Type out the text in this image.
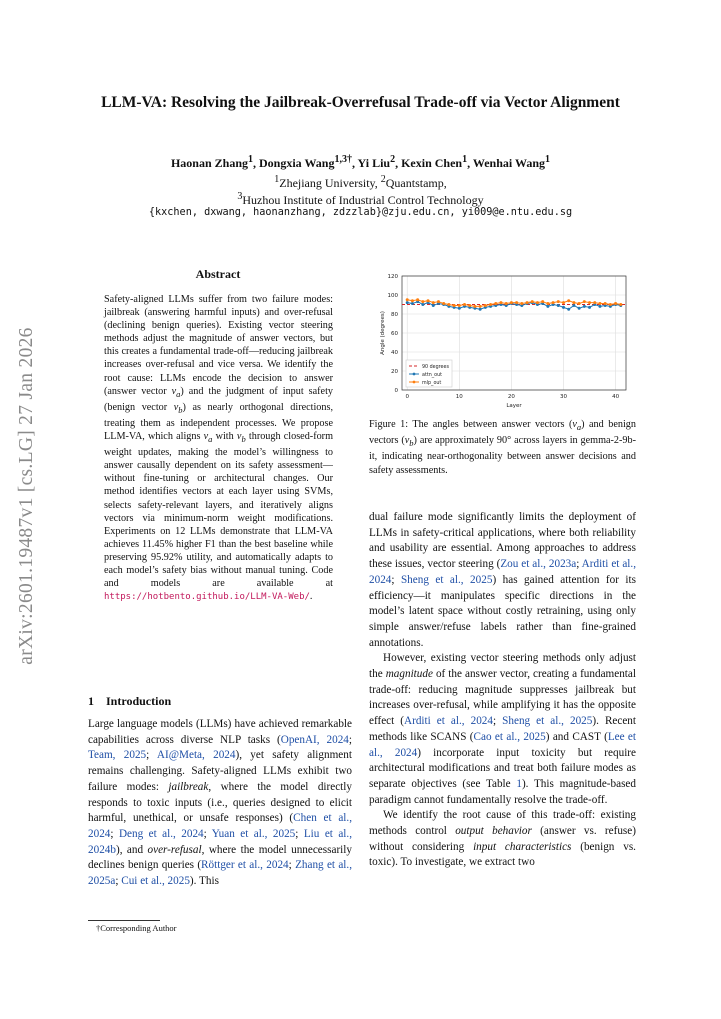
LLM-VA: Resolving the Jailbreak-Overrefusal Trade-off via Vector Alignment
Haonan Zhang$^1$, Dongxia Wang$^{1,3\dagger}$, Yi Liu$^2$, Kexin Chen$^1$, Wenhai Wang$^1$
$^1$Zhejiang University, $^2$Quantstamp,
$^3$Huzhou Institute of Industrial Control Technology
{kxchen, dxwang, haonanzhang, zdzzlab}@zju.edu.cn, yi009@e.ntu.edu.sg
arXiv:2601.19487v1 [cs.LG] 27 Jan 2026
Abstract
Safety-aligned LLMs suffer from two failure modes: jailbreak (answering harmful inputs) and over-refusal (declining benign queries). Existing vector steering methods adjust the magnitude of answer vectors, but this creates a fundamental trade-off—reducing jailbreak increases over-refusal and vice versa. We identify the root cause: LLMs encode the decision to answer (answer vector $v_a$) and the judgment of input safety (benign vector $v_b$) as nearly orthogonal directions, treating them as independent processes. We propose LLM-VA, which aligns $v_a$ with $v_b$ through closed-form weight updates, making the model’s willingness to answer causally dependent on its safety assessment—without fine-tuning or architectural changes. Our method identifies vectors at each layer using SVMs, selects safety-relevant layers, and iteratively aligns vectors via minimum-norm weight modifications. Experiments on 12 LLMs demonstrate that LLM-VA achieves 11.45% higher F1 than the best baseline while preserving 95.92% utility, and automatically adapts to each model’s safety bias without manual tuning. Code and models are available at https://hotbento.github.io/LLM-VA-Web/.
1 Introduction

Large language models (LLMs) have achieved remarkable capabilities across diverse NLP tasks (OpenAI, 2024; Team, 2025; AI@Meta, 2024), yet safety alignment remains challenging. Safety-aligned LLMs exhibit two failure modes: jailbreak, where the model directly responds to toxic inputs (i.e., queries designed to elicit harmful, unethical, or unsafe responses) (Chen et al., 2024; Deng et al., 2024; Yuan et al., 2025; Liu et al., 2024b), and over-refusal, where the model unnecessarily declines benign queries (Röttger et al., 2024; Zhang et al., 2025a; Cui et al., 2025). This

†Corresponding Author
0
20
40
60
80
100
120
0	10	20	30	40
Layer
Angle (degrees)
90 degrees
attn_out
mlp_out
Figure 1: The angles between answer vectors $(v_a)$ and benign vectors $(v_b)$ are approximately 90° across layers in gemma-2-9b-it, indicating near-orthogonality between answer decisions and safety assessments.

dual failure mode significantly limits the deployment of LLMs in safety-critical applications, where both reliability and usability are essential. Among approaches to address these issues, vector steering (Zou et al., 2023a; Arditi et al., 2024; Sheng et al., 2025) has gained attention for its efficiency—it manipulates specific directions in the model’s latent space without costly retraining, using only simple answer/refuse labels rather than fine-grained annotations.

However, existing vector steering methods only adjust the magnitude of the answer vector, creating a fundamental trade-off: reducing magnitude suppresses jailbreak but increases over-refusal, while amplifying it has the opposite effect (Arditi et al., 2024; Sheng et al., 2025). Recent methods like SCANS (Cao et al., 2025) and CAST (Lee et al., 2024) incorporate input toxicity but require architectural modifications and treat both failure modes as separate objectives (see Table 1). This magnitude-based paradigm cannot fundamentally resolve the trade-off.

We identify the root cause of this trade-off: existing methods control output behavior (answer vs. refuse) without considering input characteristics (benign vs. toxic). To investigate, we extract two
